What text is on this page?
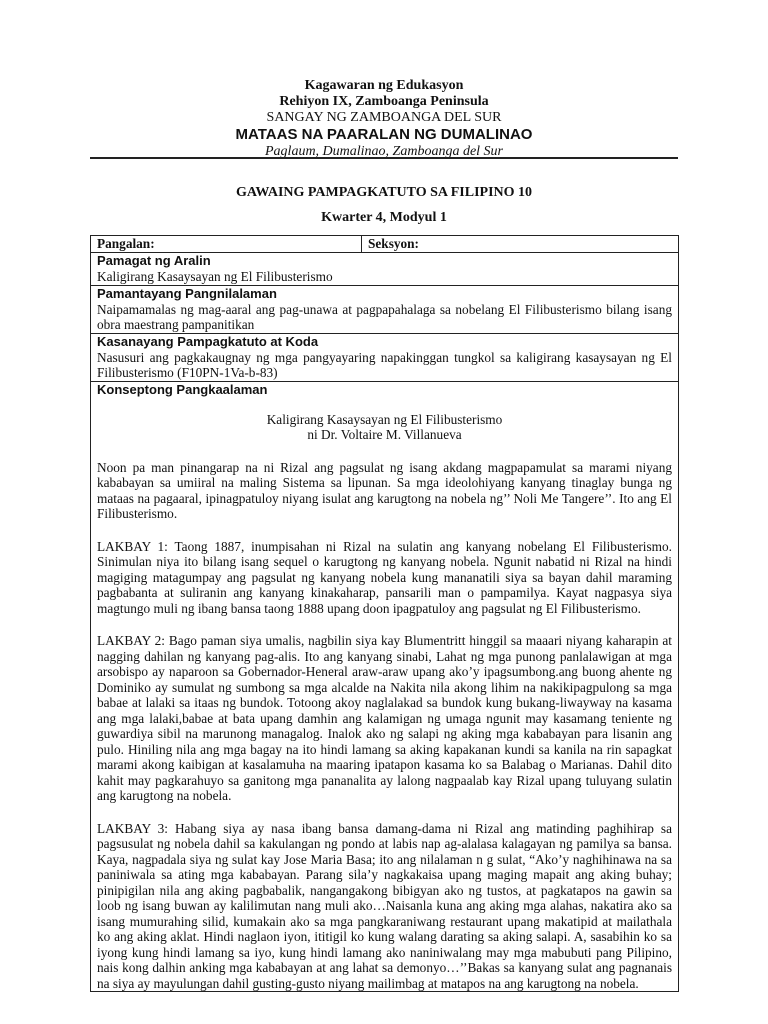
Kagawaran ng Edukasyon
Rehiyon IX, Zamboanga Peninsula
SANGAY NG ZAMBOANGA DEL SUR
MATAAS NA PAARALAN NG DUMALINAO
Paglaum, Dumalinao, Zamboanga del Sur
GAWAING PAMPAGKATUTO SA FILIPINO 10
Kwarter 4, Modyul 1
Pangalan:	Seksyon:
Pamagat ng Aralin
Kaligirang Kasaysayan ng El Filibusterismo
Pamantayang Pangnilalaman
Naipamamalas ng mag-aaral ang pag-unawa at pagpapahalaga sa nobelang El Filibusterismo bilang isang obra maestrang pampanitikan
Kasanayang Pampagkatuto at Koda
Nasusuri ang pagkakaugnay ng mga pangyayaring napakinggan tungkol sa kaligirang kasaysayan ng El Filibusterismo (F10PN-1Va-b-83)
Konseptong Pangkaalaman
Kaligirang Kasaysayan ng El Filibusterismo
ni Dr. Voltaire M. Villanueva
Noon pa man pinangarap na ni Rizal ang pagsulat ng isang akdang magpapamulat sa marami niyang kababayan sa umiiral na maling Sistema sa lipunan. Sa mga ideolohiyang kanyang tinaglay bunga ng mataas na pagaaral, ipinagpatuloy niyang isulat ang karugtong na nobela ng’’ Noli Me Tangere’’. Ito ang El Filibusterismo.
LAKBAY 1: Taong 1887, inumpisahan ni Rizal na sulatin ang kanyang nobelang El Filibusterismo. Sinimulan niya ito bilang isang sequel o karugtong ng kanyang nobela. Ngunit nabatid ni Rizal na hindi magiging matagumpay ang pagsulat ng kanyang nobela kung mananatili siya sa bayan dahil maraming pagbabanta at suliranin ang kanyang kinakaharap, pansarili man o pampamilya. Kayat nagpasya siya magtungo muli ng ibang bansa taong 1888 upang doon ipagpatuloy ang pagsulat ng El Filibusterismo.
LAKBAY 2: Bago paman siya umalis, nagbilin siya kay Blumentritt hinggil sa maaari niyang kaharapin at nagging dahilan ng kanyang pag-alis. Ito ang kanyang sinabi, Lahat ng mga punong panlalawigan at mga arsobispo ay naparoon sa Gobernador-Heneral araw-araw upang ako’y ipagsumbong.ang buong ahente ng Dominiko ay sumulat ng sumbong sa mga alcalde na Nakita nila akong lihim na nakikipagpulong sa mga babae at lalaki sa itaas ng bundok. Totoong akoy naglalakad sa bundok kung bukang-liwayway na kasama ang mga lalaki,babae at bata upang damhin ang kalamigan ng umaga ngunit may kasamang teniente ng guwardiya sibil na marunong managalog. Inalok ako ng salapi ng aking mga kababayan para lisanin ang pulo. Hiniling nila ang mga bagay na ito hindi lamang sa aking kapakanan kundi sa kanila na rin sapagkat marami akong kaibigan at kasalamuha na maaring ipatapon kasama ko sa Balabag o Marianas. Dahil dito kahit may pagkarahuyo sa ganitong mga pananalita ay lalong nagpaalab kay Rizal upang tuluyang sulatin ang karugtong na nobela.
LAKBAY 3: Habang siya ay nasa ibang bansa damang-dama ni Rizal ang matinding paghihirap sa pagsusulat ng nobela dahil sa kakulangan ng pondo at labis nap ag-alalasa kalagayan ng pamilya sa bansa. Kaya, nagpadala siya ng sulat kay Jose Maria Basa; ito ang nilalaman n g sulat, “Ako’y naghihinawa na sa paniniwala sa ating mga kababayan. Parang sila’y nagkakaisa upang maging mapait ang aking buhay; pinipigilan nila ang aking pagbabalik, nangangakong bibigyan ako ng tustos, at pagkatapos na gawin sa loob ng isang buwan ay kalilimutan nang muli ako…Naisanla kuna ang aking mga alahas, nakatira ako sa isang mumurahing silid, kumakain ako sa mga pangkaraniwang restaurant upang makatipid at mailathala ko ang aking aklat. Hindi naglaon iyon, ititigil ko kung walang darating sa aking salapi. A, sasabihin ko sa iyong kung hindi lamang sa iyo, kung hindi lamang ako naniniwalang may mga mabubuti pang Pilipino, nais kong dalhin anking mga kababayan at ang lahat sa demonyo…’’Bakas sa kanyang sulat ang pagnanais na siya ay mayulungan dahil gusting-gusto niyang mailimbag at matapos na ang karugtong na nobela.
